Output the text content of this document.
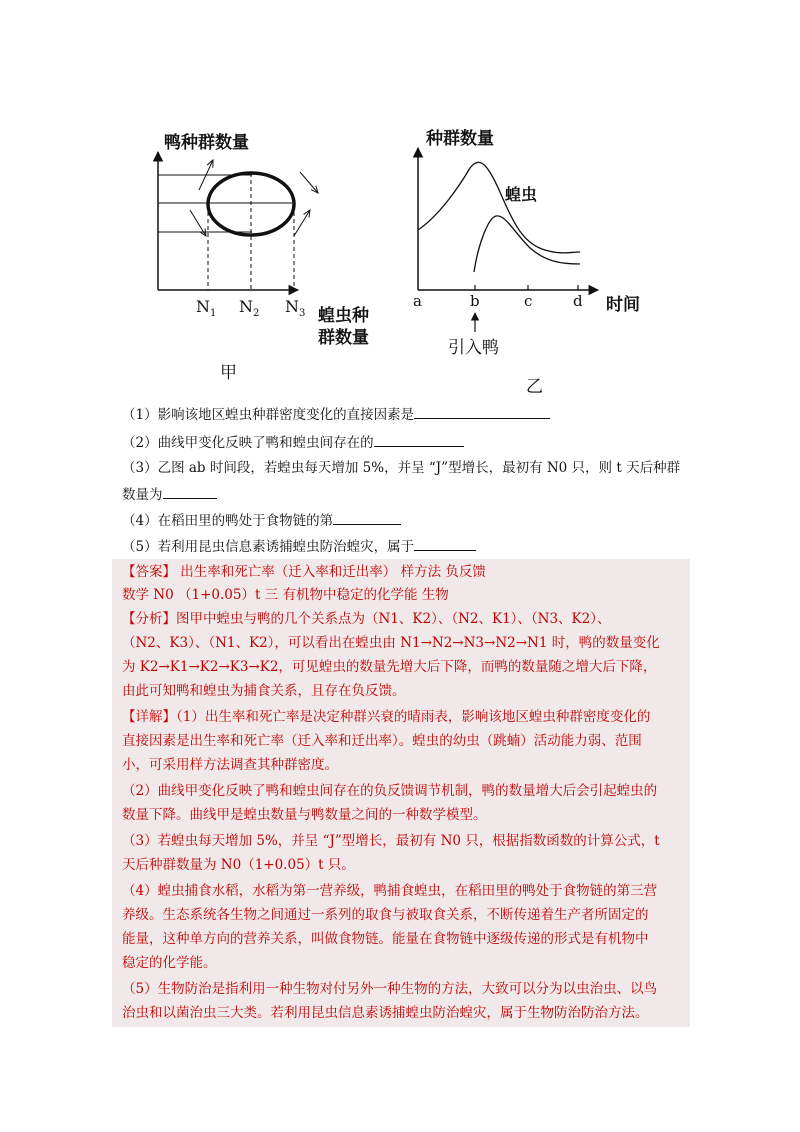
鸭种群数量
蝗虫种
群数量
$N_1$ $N_2$ $N_3$
甲
种群数量
蝗虫
a	b	c	d 时间
引入鸭
乙
（1）影响该地区蝗虫种群密度变化的直接因素是
（2）曲线甲变化反映了鸭和蝗虫间存在的
（3）乙图 ab 时间段，若蝗虫每天增加 5%，并呈 “J”型增长，最初有 N0 只，则 t 天后种群
数量为
（4）在稻田里的鸭处于食物链的第
（5）若利用昆虫信息素诱捕蝗虫防治蝗灾，属于
【答案】 出生率和死亡率（迁入率和迁出率） 样方法 负反馈
数学 N0 （1+0.05）t 三 有机物中稳定的化学能 生物
【分析】图甲中蝗虫与鸭的几个关系点为（N1、K2）、（N2、K1）、（N3、K2）、
（N2、K3）、（N1、K2），可以看出在蝗虫由 N1→N2→N3→N2→N1 时，鸭的数量变化
为 K2→K1→K2→K3→K2，可见蝗虫的数量先增大后下降，而鸭的数量随之增大后下降，
由此可知鸭和蝗虫为捕食关系，且存在负反馈。
【详解】（1）出生率和死亡率是决定种群兴衰的晴雨表，影响该地区蝗虫种群密度变化的
直接因素是出生率和死亡率（迁入率和迁出率）。蝗虫的幼虫（跳蝻）活动能力弱、范围
小，可采用样方法调查其种群密度。
（2）曲线甲变化反映了鸭和蝗虫间存在的负反馈调节机制，鸭的数量增大后会引起蝗虫的
数量下降。曲线甲是蝗虫数量与鸭数量之间的一种数学模型。
（3）若蝗虫每天增加 5%，并呈 “J”型增长，最初有 N0 只，根据指数函数的计算公式，t
天后种群数量为 N0（1+0.05）t 只。
（4）蝗虫捕食水稻，水稻为第一营养级，鸭捕食蝗虫，在稻田里的鸭处于食物链的第三营
养级。生态系统各生物之间通过一系列的取食与被取食关系，不断传递着生产者所固定的
能量，这种单方向的营养关系，叫做食物链。能量在食物链中逐级传递的形式是有机物中
稳定的化学能。
（5）生物防治是指利用一种生物对付另外一种生物的方法，大致可以分为以虫治虫、以鸟
治虫和以菌治虫三大类。若利用昆虫信息素诱捕蝗虫防治蝗灾，属于生物防治防治方法。
